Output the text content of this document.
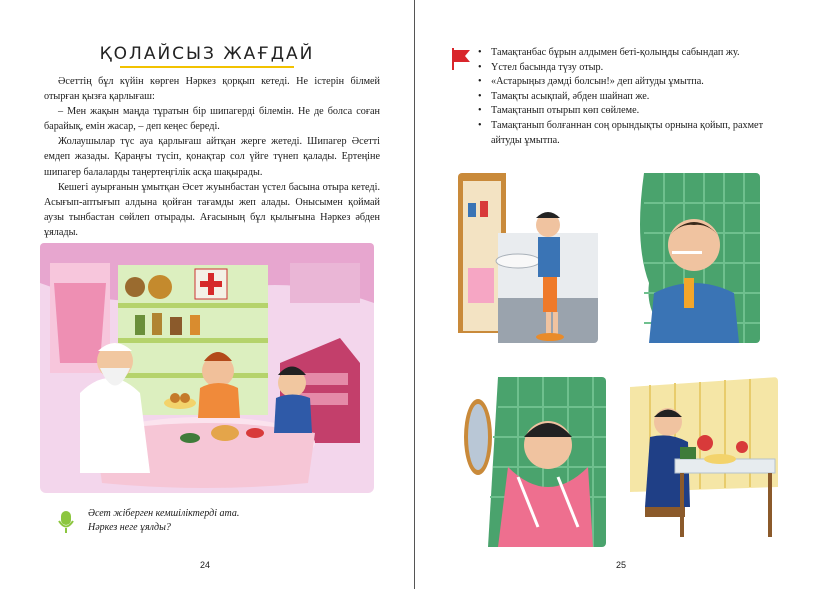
ҚОЛАЙСЫЗ ЖАҒДАЙ

Әсеттің бұл күйін көрген Нәркез қорқып кетеді. Не істерін білмей отырған қызға қарлығаш:

– Мен жақын маңда тұратын бір шипагерді білемін. Не де болса соған барайық, емін жасар, – деп кеңес береді.

Жолаушылар түс ауа қарлығаш айтқан жерге жетеді. Шипагер Әсетті емдеп жазады. Қараңғы түсіп, қонақтар сол үйге түнеп қалады. Ертеңіне шипагер балаларды таңертеңгілік асқа шақырады.

Кешегі ауырғанын ұмытқан Әсет жуынбастан үстел басына отыра кетеді. Асығып-аптығып алдына қойған тағамды жеп алады. Онысымен қоймай аузы тынбастан сөйлеп отырады. Ағасының бұл қылығына Нәркез әбден ұялады.

Әсет жіберген кемшіліктерді ата.
Нәркез неге ұялды?
24
• Тамақтанбас бұрын алдымен беті-қолыңды сабындап жу.
• Үстел басында түзу отыр.
• «Астарыңыз дәмді болсын!» деп айтуды ұмытпа.
• Тамақты асықпай, әбден шайнап же.
• Тамақтанып отырып көп сөйлеме.
• Тамақтанып болғаннан соң орындықты орнына қойып, рахмет айтуды ұмытпа.
25
